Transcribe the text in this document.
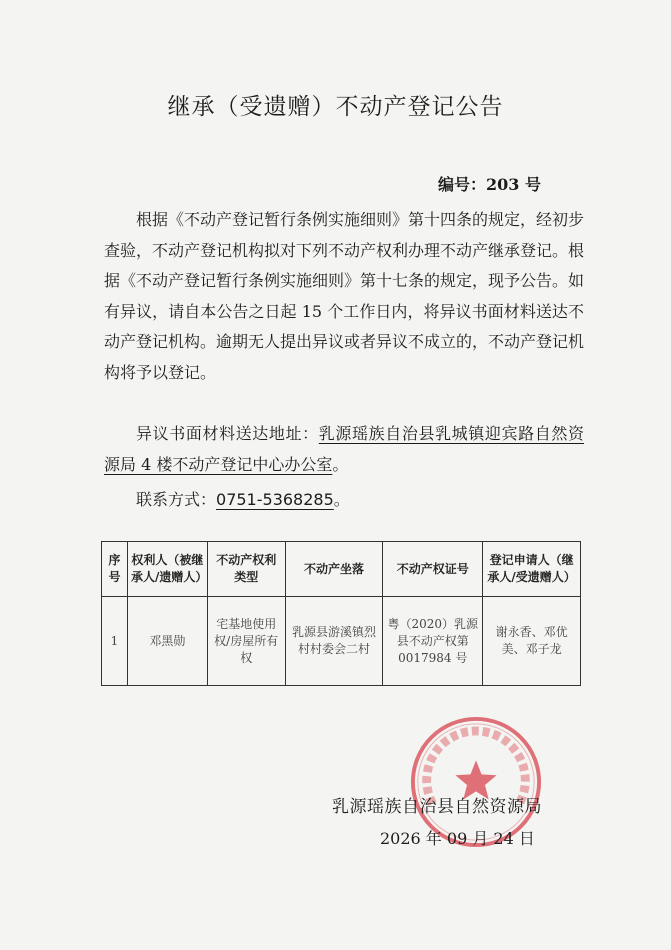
继承（受遗赠）不动产登记公告
编号：203 号
根据《不动产登记暂行条例实施细则》第十四条的规定，经初步查验，不动产登记机构拟对下列不动产权利办理不动产继承登记。根据《不动产登记暂行条例实施细则》第十七条的规定，现予公告。如有异议，请自本公告之日起 15 个工作日内，将异议书面材料送达不动产登记机构。逾期无人提出异议或者异议不成立的，不动产登记机构将予以登记。
异议书面材料送达地址：乳源瑶族自治县乳城镇迎宾路自然资源局 4 楼不动产登记中心办公室。
联系方式：0751-5368285。
序号	权利人（被继承人/遗赠人）	不动产权利类型	不动产坐落	不动产权证号	登记申请人（继承人/受遗赠人）
1	邓黑勋	宅基地使用权/房屋所有权	乳源县游溪镇烈村村委会二村	粤（2020）乳源县不动产权第 0017984 号	谢永香、邓优美、邓子龙
乳源瑶族自治县自然资源局
2026 年 09 月 24 日
